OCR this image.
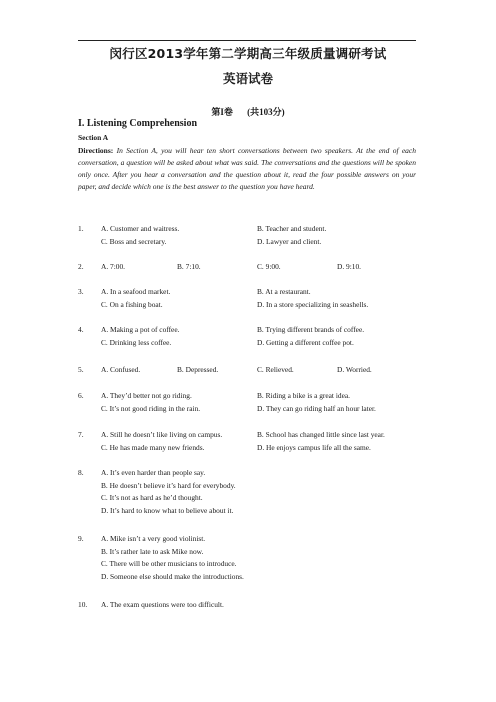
闵行区2013学年第二学期高三年级质量调研考试
英语试卷
第I卷 (共103分)
I. Listening Comprehension
Section A
Directions: In Section A, you will hear ten short conversations between two speakers. At the end of each conversation, a question will be asked about what was said. The conversations and the questions will be spoken only once. After you hear a conversation and the question about it, read the four possible answers on your paper, and decide which one is the best answer to the question you have heard.
1.	A. Customer and waitress.	B. Teacher and student.
C. Boss and secretary.	D. Lawyer and client.
2.	A. 7:00.	B. 7:10.	C. 9:00.	D. 9:10.
3.	A. In a seafood market.	B. At a restaurant.
C. On a fishing boat.	D. In a store specializing in seashells.
4.	A. Making a pot of coffee.	B. Trying different brands of coffee.
C. Drinking less coffee.	D. Getting a different coffee pot.
5.	A. Confused.	B. Depressed.	C. Relieved.	D. Worried.
6.	A. They’d better not go riding.	B. Riding a bike is a great idea.
C. It’s not good riding in the rain.	D. They can go riding half an hour later.
7.	A. Still he doesn’t like living on campus.	B. School has changed little since last year.
C. He has made many new friends.	D. He enjoys campus life all the same.
8.	A. It’s even harder than people say.
B. He doesn’t believe it’s hard for everybody.
C. It’s not as hard as he’d thought.
D. It’s hard to know what to believe about it.
9.	A. Mike isn’t a very good violinist.
B. It’s rather late to ask Mike now.
C. There will be other musicians to introduce.
D. Someone else should make the introductions.
10.	A. The exam questions were too difficult.
